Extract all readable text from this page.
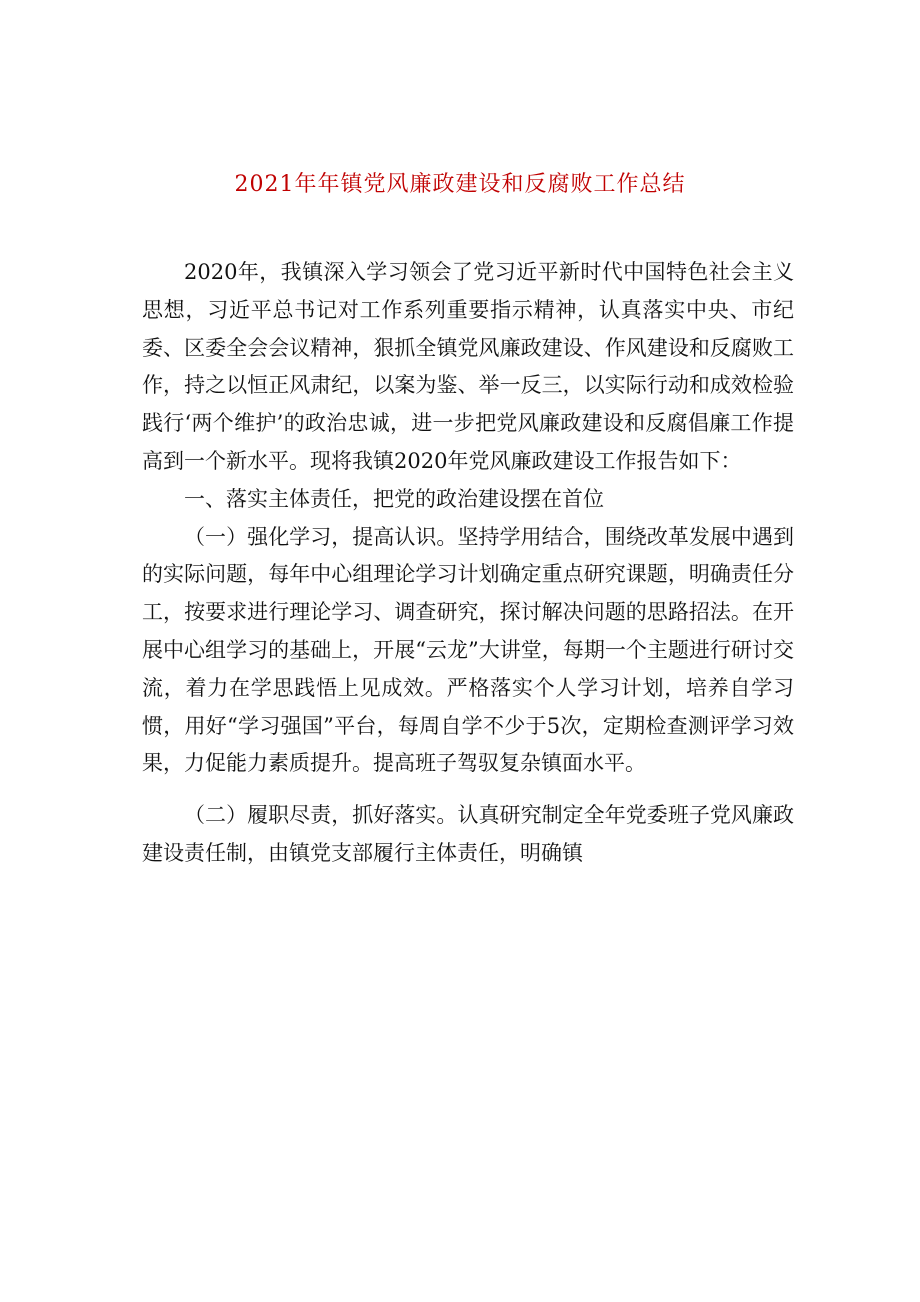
2021年年镇党风廉政建设和反腐败工作总结

2020年，我镇深入学习领会了党习近平新时代中国特色社会主义思想，习近平总书记对工作系列重要指示精神，认真落实中央、市纪委、区委全会会议精神，狠抓全镇党风廉政建设、作风建设和反腐败工作，持之以恒正风肃纪，以案为鉴、举一反三，以实际行动和成效检验践行‘两个维护’的政治忠诚，进一步把党风廉政建设和反腐倡廉工作提高到一个新水平。现将我镇2020年党风廉政建设工作报告如下：

一、落实主体责任，把党的政治建设摆在首位

（一）强化学习，提高认识。坚持学用结合，围绕改革发展中遇到的实际问题，每年中心组理论学习计划确定重点研究课题，明确责任分工，按要求进行理论学习、调查研究，探讨解决问题的思路招法。在开展中心组学习的基础上，开展“云龙”大讲堂，每期一个主题进行研讨交流，着力在学思践悟上见成效。严格落实个人学习计划，培养自学习惯，用好“学习强国”平台，每周自学不少于5次，定期检查测评学习效果，力促能力素质提升。提高班子驾驭复杂镇面水平。

（二）履职尽责，抓好落实。认真研究制定全年党委班子党风廉政建设责任制，由镇党支部履行主体责任，明确镇
